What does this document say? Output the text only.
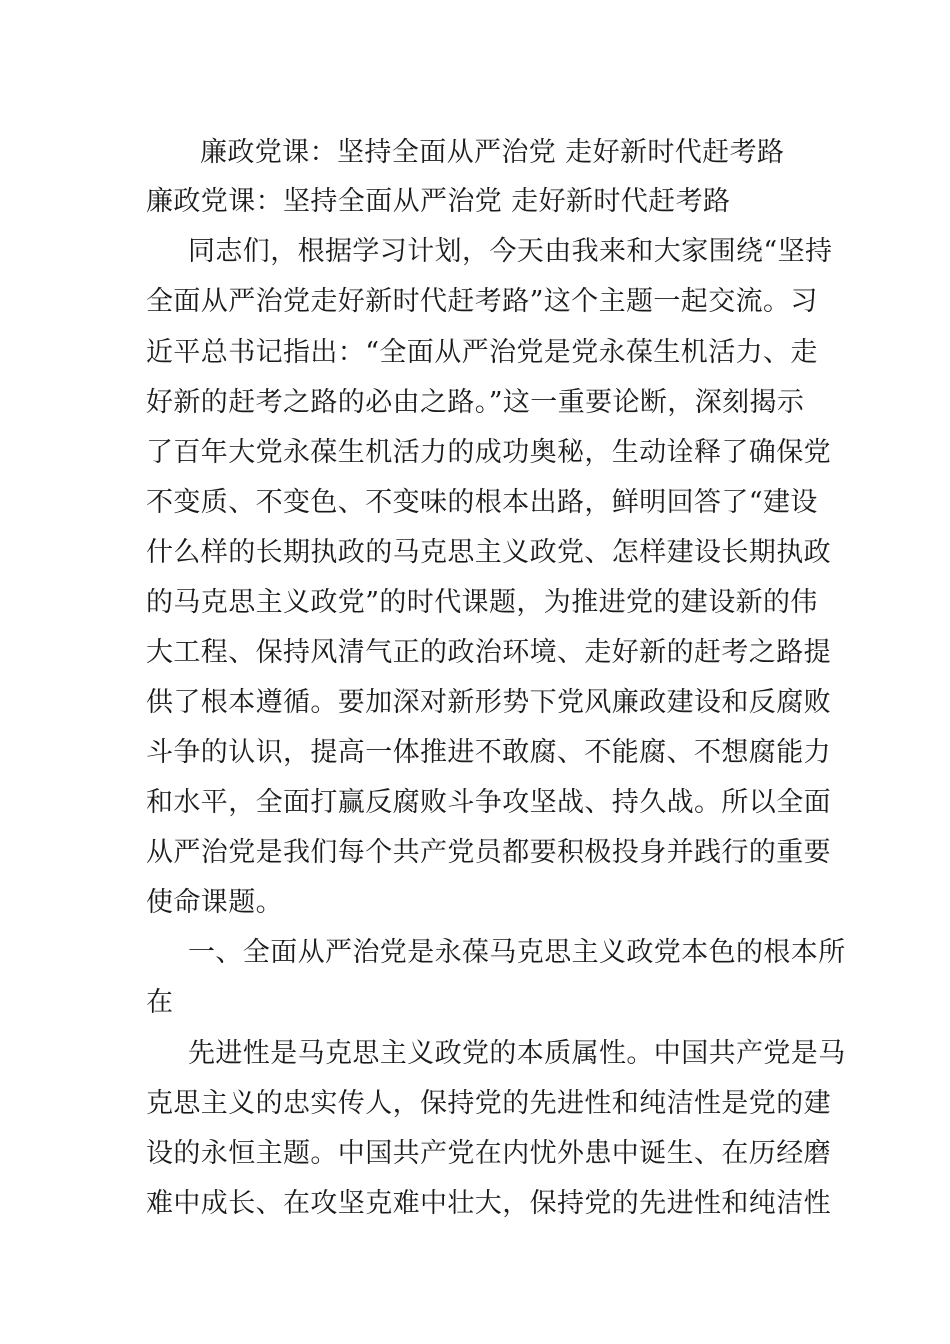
廉政党课：坚持全面从严治党 走好新时代赶考路
廉政党课：坚持全面从严治党 走好新时代赶考路
同志们，根据学习计划，今天由我来和大家围绕“坚持
全面从严治党走好新时代赶考路”这个主题一起交流。习
近平总书记指出：“全面从严治党是党永葆生机活力、走
好新的赶考之路的必由之路。”这一重要论断，深刻揭示
了百年大党永葆生机活力的成功奥秘，生动诠释了确保党
不变质、不变色、不变味的根本出路，鲜明回答了“建设
什么样的长期执政的马克思主义政党、怎样建设长期执政
的马克思主义政党”的时代课题，为推进党的建设新的伟
大工程、保持风清气正的政治环境、走好新的赶考之路提
供了根本遵循。要加深对新形势下党风廉政建设和反腐败
斗争的认识，提高一体推进不敢腐、不能腐、不想腐能力
和水平，全面打赢反腐败斗争攻坚战、持久战。所以全面
从严治党是我们每个共产党员都要积极投身并践行的重要
使命课题。
一、全面从严治党是永葆马克思主义政党本色的根本所
在
先进性是马克思主义政党的本质属性。中国共产党是马
克思主义的忠实传人，保持党的先进性和纯洁性是党的建
设的永恒主题。中国共产党在内忧外患中诞生、在历经磨
难中成长、在攻坚克难中壮大，保持党的先进性和纯洁性
